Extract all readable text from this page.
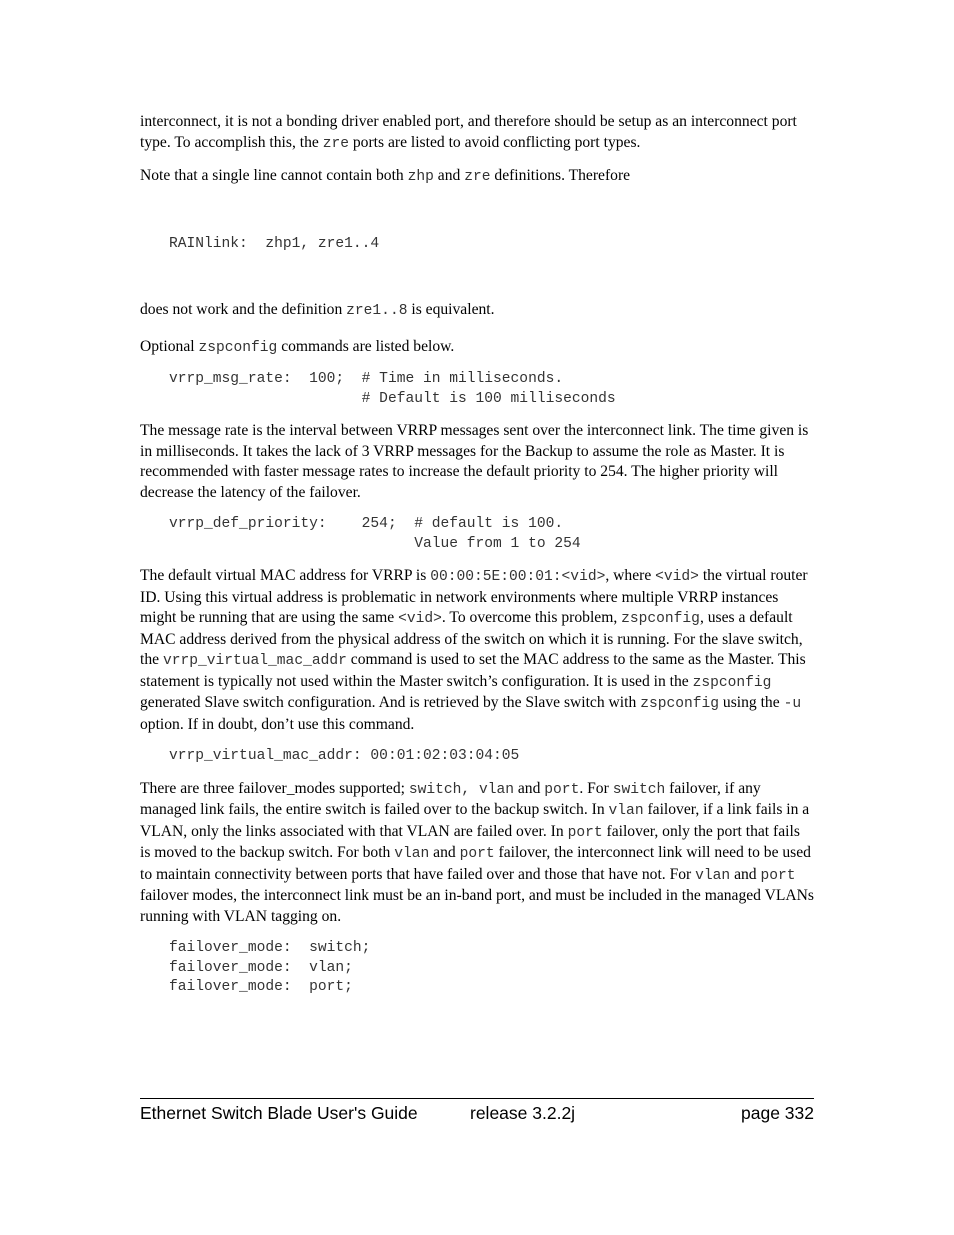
interconnect, it is not a bonding driver enabled port, and therefore should be setup as an interconnect port type. To accomplish this, the zre ports are listed to avoid conflicting port types.

Note that a single line cannot contain both zhp and zre definitions. Therefore

RAINlink:  zhp1, zre1..4

does not work and the definition zre1..8 is equivalent.

Optional zspconfig commands are listed below.

vrrp_msg_rate:  100;  # Time in milliseconds.
# Default is 100 milliseconds

The message rate is the interval between VRRP messages sent over the interconnect link. The time given is in milliseconds. It takes the lack of 3 VRRP messages for the Backup to assume the role as Master. It is recommended with faster message rates to increase the default priority to 254. The higher priority will decrease the latency of the failover.

vrrp_def_priority:    254;  # default is 100.
Value from 1 to 254

The default virtual MAC address for VRRP is 00:00:5E:00:01:<vid>, where <vid> the virtual router ID. Using this virtual address is problematic in network environments where multiple VRRP instances might be running that are using the same <vid>. To overcome this problem, zspconfig, uses a default MAC address derived from the physical address of the switch on which it is running. For the slave switch, the vrrp_virtual_mac_addr command is used to set the MAC address to the same as the Master. This statement is typically not used within the Master switch’s configuration. It is used in the zspconfig generated Slave switch configuration. And is retrieved by the Slave switch with zspconfig using the -u option. If in doubt, don’t use this command.

vrrp_virtual_mac_addr: 00:01:02:03:04:05

There are three failover_modes supported; switch, vlan and port. For switch failover, if any managed link fails, the entire switch is failed over to the backup switch. In vlan failover, if a link fails in a VLAN, only the links associated with that VLAN are failed over. In port failover, only the port that fails is moved to the backup switch. For both vlan and port failover, the interconnect link will need to be used to maintain connectivity between ports that have failed over and those that have not. For vlan and port failover modes, the interconnect link must be an in-band port, and must be included in the managed VLANs running with VLAN tagging on.

failover_mode:  switch;
failover_mode:  vlan;
failover_mode:  port;
Ethernet Switch Blade User's Guide	release 3.2.2j	page 332
